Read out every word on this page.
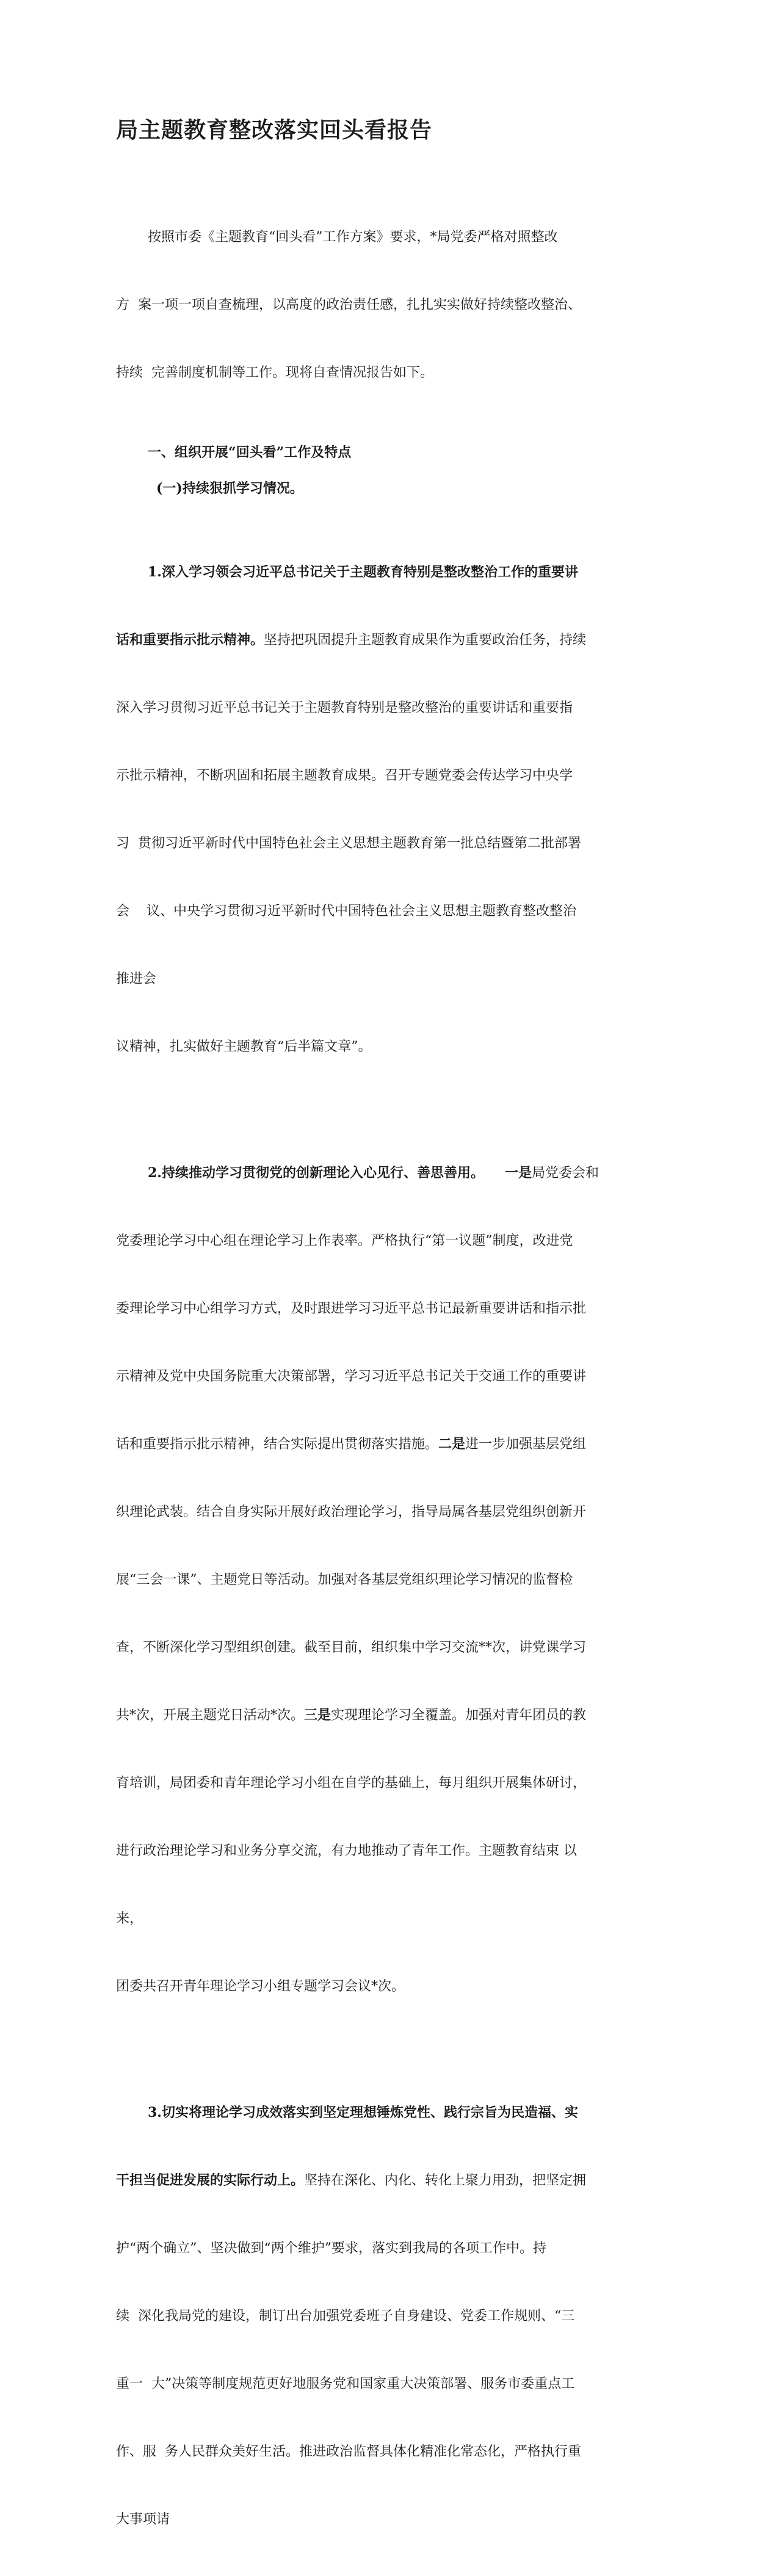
局主题教育整改落实回头看报告

按照市委《主题教育“回头看”工作方案》要求，*局党委严格对照整改

方  案一项一项自查梳理，以高度的政治责任感，扎扎实实做好持续整改整治、

持续  完善制度机制等工作。现将自查情况报告如下。

一、组织开展“回头看”工作及特点
(一)持续狠抓学习情况。

1.深入学习领会习近平总书记关于主题教育特别是整改整治工作的重要讲

话和重要指示批示精神。坚持把巩固提升主题教育成果作为重要政治任务，持续

深入学习贯彻习近平总书记关于主题教育特别是整改整治的重要讲话和重要指

示批示精神，不断巩固和拓展主题教育成果。召开专题党委会传达学习中央学

习  贯彻习近平新时代中国特色社会主义思想主题教育第一批总结暨第二批部署

会    议、中央学习贯彻习近平新时代中国特色社会主义思想主题教育整改整治

推进会

议精神，扎实做好主题教育“后半篇文章”。

2.持续推动学习贯彻党的创新理论入心见行、善思善用。 一是局党委会和

党委理论学习中心组在理论学习上作表率。严格执行“第一议题”制度，改进党

委理论学习中心组学习方式，及时跟进学习习近平总书记最新重要讲话和指示批

示精神及党中央国务院重大决策部署，学习习近平总书记关于交通工作的重要讲

话和重要指示批示精神，结合实际提出贯彻落实措施。二是进一步加强基层党组

织理论武装。结合自身实际开展好政治理论学习，指导局属各基层党组织创新开

展“三会一课”、主题党日等活动。加强对各基层党组织理论学习情况的监督检

查，不断深化学习型组织创建。截至目前，组织集中学习交流**次，讲党课学习

共*次，开展主题党日活动*次。三是实现理论学习全覆盖。加强对青年团员的教

育培训，局团委和青年理论学习小组在自学的基础上，每月组织开展集体研讨，

进行政治理论学习和业务分享交流，有力地推动了青年工作。主题教育结束 以

来，

团委共召开青年理论学习小组专题学习会议*次。

3.切实将理论学习成效落实到坚定理想锤炼党性、践行宗旨为民造福、实

干担当促进发展的实际行动上。坚持在深化、内化、转化上聚力用劲，把坚定拥

护“两个确立”、坚决做到“两个维护”要求，落实到我局的各项工作中。持

续  深化我局党的建设，制订出台加强党委班子自身建设、党委工作规则、“三

重一  大”决策等制度规范更好地服务党和国家重大决策部署、服务市委重点工

作、服  务人民群众美好生活。推进政治监督具体化精准化常态化，严格执行重

大事项请
